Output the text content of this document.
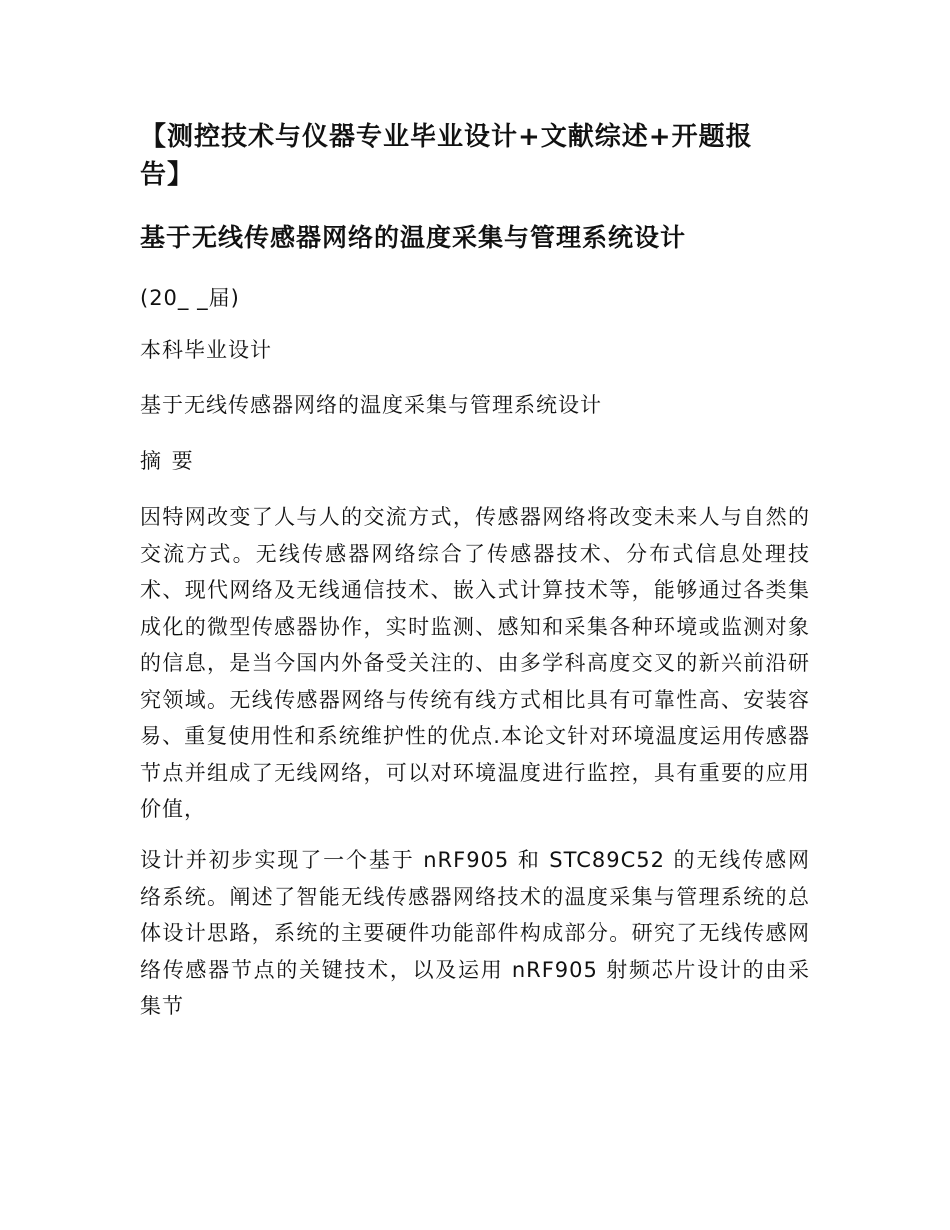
【测控技术与仪器专业毕业设计+文献综述+开题报告】
基于无线传感器网络的温度采集与管理系统设计

(20_ _届)

本科毕业设计

基于无线传感器网络的温度采集与管理系统设计

摘 要

因特网改变了人与人的交流方式，传感器网络将改变未来人与自然的交流方式。无线传感器网络综合了传感器技术、分布式信息处理技术、现代网络及无线通信技术、嵌入式计算技术等，能够通过各类集成化的微型传感器协作，实时监测、感知和采集各种环境或监测对象的信息，是当今国内外备受关注的、由多学科高度交叉的新兴前沿研究领域。无线传感器网络与传统有线方式相比具有可靠性高、安装容易、重复使用性和系统维护性的优点.本论文针对环境温度运用传感器节点并组成了无线网络，可以对环境温度进行监控，具有重要的应用价值，

设计并初步实现了一个基于 nRF905 和 STC89C52 的无线传感网络系统。阐述了智能无线传感器网络技术的温度采集与管理系统的总体设计思路，系统的主要硬件功能部件构成部分。研究了无线传感网络传感器节点的关键技术，以及运用 nRF905 射频芯片设计的由采集节
